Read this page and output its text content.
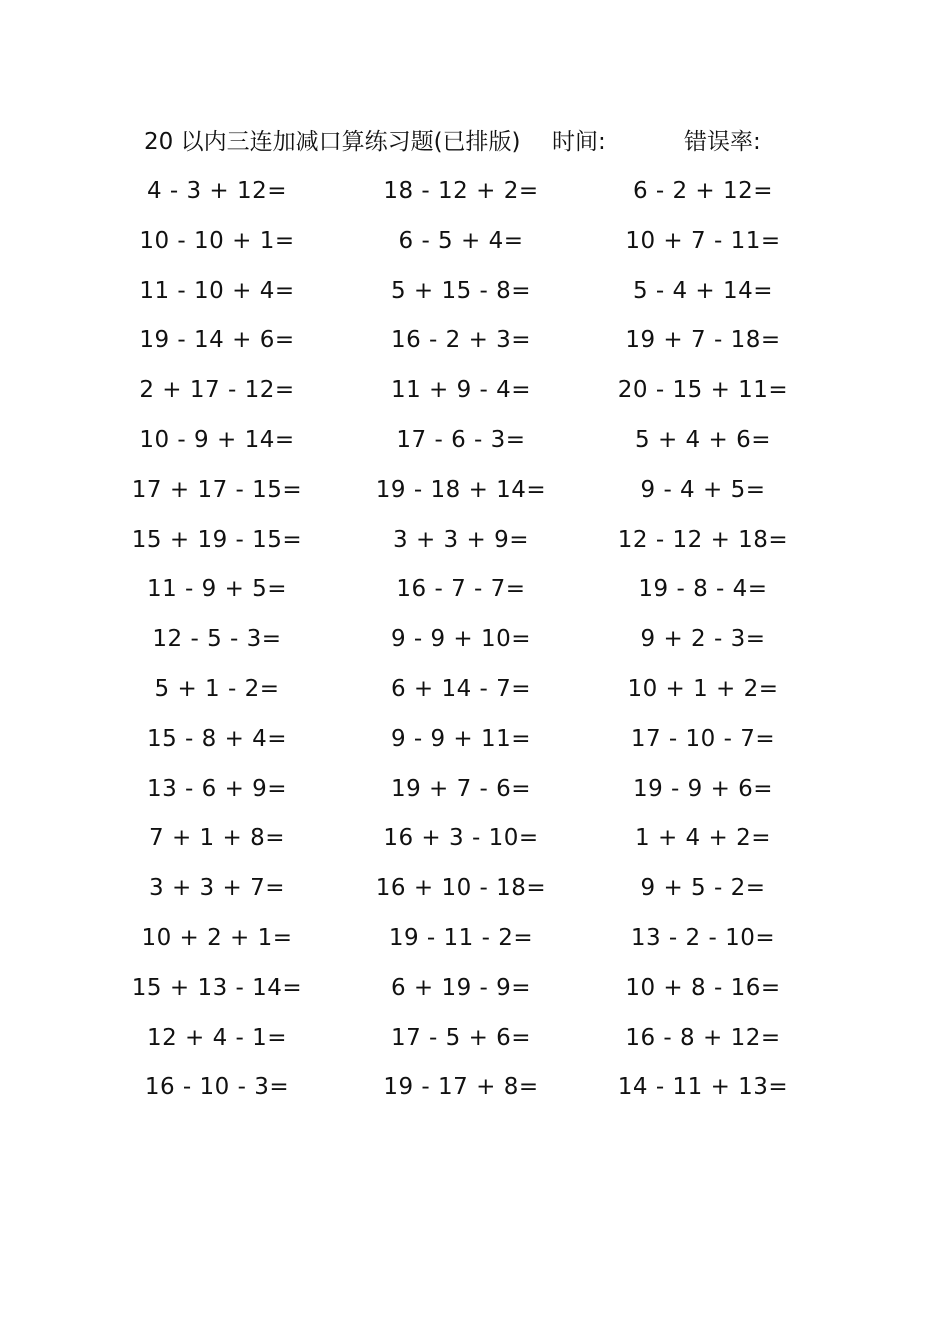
20 以内三连加减口算练习题(已排版) 时间:	错误率:
4 - 3 + 12=	18 - 12 + 2=	6 - 2 + 12=
10 - 10 + 1=	6 - 5 + 4=	10 + 7 - 11=
11 - 10 + 4=	5 + 15 - 8=	5 - 4 + 14=
19 - 14 + 6=	16 - 2 + 3=	19 + 7 - 18=
2 + 17 - 12=	11 + 9 - 4=	20 - 15 + 11=
10 - 9 + 14=	17 - 6 - 3=	5 + 4 + 6=
17 + 17 - 15=	19 - 18 + 14=	9 - 4 + 5=
15 + 19 - 15=	3 + 3 + 9=	12 - 12 + 18=
11 - 9 + 5=	16 - 7 - 7=	19 - 8 - 4=
12 - 5 - 3=	9 - 9 + 10=	9 + 2 - 3=
5 + 1 - 2=	6 + 14 - 7=	10 + 1 + 2=
15 - 8 + 4=	9 - 9 + 11=	17 - 10 - 7=
13 - 6 + 9=	19 + 7 - 6=	19 - 9 + 6=
7 + 1 + 8=	16 + 3 - 10=	1 + 4 + 2=
3 + 3 + 7=	16 + 10 - 18=	9 + 5 - 2=
10 + 2 + 1=	19 - 11 - 2=	13 - 2 - 10=
15 + 13 - 14=	6 + 19 - 9=	10 + 8 - 16=
12 + 4 - 1=	17 - 5 + 6=	16 - 8 + 12=
16 - 10 - 3=	19 - 17 + 8=	14 - 11 + 13=
